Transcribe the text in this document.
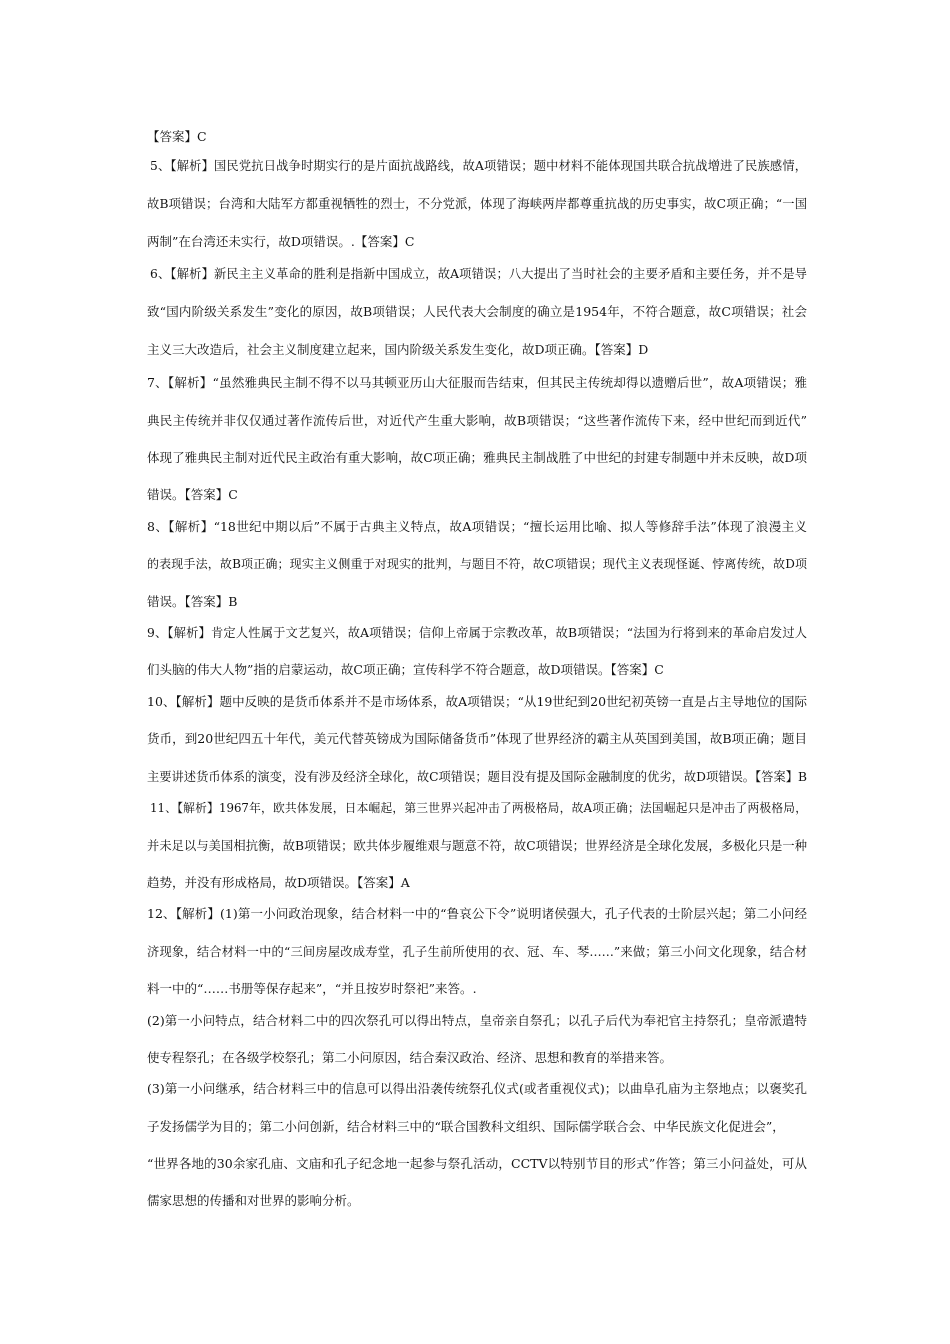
【答案】C
5、【解析】国民党抗日战争时期实行的是片面抗战路线，故A项错误；题中材料不能体现国共联合抗战增进了民族感情，
故B项错误；台湾和大陆军方都重视牺牲的烈士，不分党派，体现了海峡两岸都尊重抗战的历史事实，故C项正确；“一国
两制”在台湾还未实行，故D项错误。.【答案】C
6、【解析】新民主主义革命的胜利是指新中国成立，故A项错误；八大提出了当时社会的主要矛盾和主要任务，并不是导
致“国内阶级关系发生”变化的原因，故B项错误；人民代表大会制度的确立是1954年，不符合题意，故C项错误；社会
主义三大改造后，社会主义制度建立起来，国内阶级关系发生变化，故D项正确。【答案】D
7、【解析】“虽然雅典民主制不得不以马其顿亚历山大征服而告结束，但其民主传统却得以遗赠后世”，故A项错误；雅
典民主传统并非仅仅通过著作流传后世，对近代产生重大影响，故B项错误；“这些著作流传下来，经中世纪而到近代”
体现了雅典民主制对近代民主政治有重大影响，故C项正确；雅典民主制战胜了中世纪的封建专制题中并未反映，故D项
错误。【答案】C
8、【解析】“18世纪中期以后”不属于古典主义特点，故A项错误；“擅长运用比喻、拟人等修辞手法”体现了浪漫主义
的表现手法，故B项正确；现实主义侧重于对现实的批判，与题目不符，故C项错误；现代主义表现怪诞、悖离传统，故D项
错误。【答案】B
9、【解析】肯定人性属于文艺复兴，故A项错误；信仰上帝属于宗教改革，故B项错误；“法国为行将到来的革命启发过人
们头脑的伟大人物”指的启蒙运动，故C项正确；宣传科学不符合题意，故D项错误。【答案】C
10、【解析】题中反映的是货币体系并不是市场体系，故A项错误；“从19世纪到20世纪初英镑一直是占主导地位的国际
货币，到20世纪四五十年代，美元代替英镑成为国际储备货币”体现了世界经济的霸主从英国到美国，故B项正确；题目
主要讲述货币体系的演变，没有涉及经济全球化，故C项错误；题目没有提及国际金融制度的优劣，故D项错误。【答案】B
11、【解析】1967年，欧共体发展，日本崛起，第三世界兴起冲击了两极格局，故A项正确；法国崛起只是冲击了两极格局，
并未足以与美国相抗衡，故B项错误；欧共体步履维艰与题意不符，故C项错误；世界经济是全球化发展，多极化只是一种
趋势，并没有形成格局，故D项错误。【答案】A
12、【解析】(1)第一小问政治现象，结合材料一中的“鲁哀公下令”说明诸侯强大，孔子代表的士阶层兴起；第二小问经
济现象，结合材料一中的“三间房屋改成寿堂，孔子生前所使用的衣、冠、车、琴……”来做；第三小问文化现象，结合材
料一中的“……书册等保存起来”，“并且按岁时祭祀”来答。.
(2)第一小问特点，结合材料二中的四次祭孔可以得出特点，皇帝亲自祭孔；以孔子后代为奉祀官主持祭孔；皇帝派遣特
使专程祭孔；在各级学校祭孔；第二小问原因，结合秦汉政治、经济、思想和教育的举措来答。
(3)第一小问继承，结合材料三中的信息可以得出沿袭传统祭孔仪式(或者重视仪式)；以曲阜孔庙为主祭地点；以褒奖孔
子发扬儒学为目的；第二小问创新，结合材料三中的“联合国教科文组织、国际儒学联合会、中华民族文化促进会”，
“世界各地的30余家孔庙、文庙和孔子纪念地一起参与祭孔活动，CCTV以特别节目的形式”作答；第三小问益处，可从
儒家思想的传播和对世界的影响分析。
